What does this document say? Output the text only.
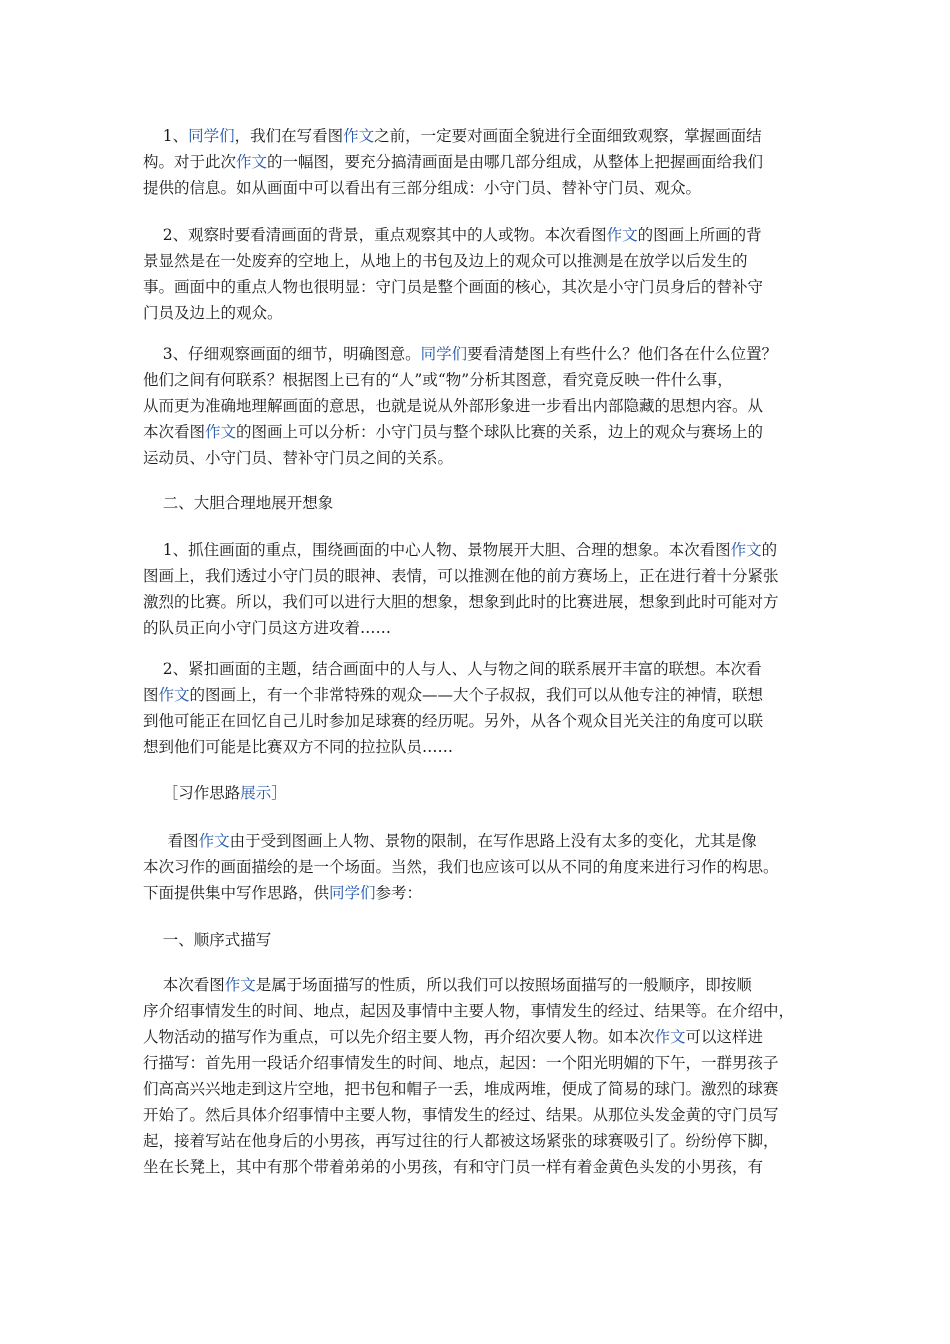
1、同学们，我们在写看图作文之前，一定要对画面全貌进行全面细致观察，掌握画面结
构。对于此次作文的一幅图，要充分搞清画面是由哪几部分组成，从整体上把握画面给我们
提供的信息。如从画面中可以看出有三部分组成：小守门员、替补守门员、观众。
2、观察时要看清画面的背景，重点观察其中的人或物。本次看图作文的图画上所画的背
景显然是在一处废弃的空地上，从地上的书包及边上的观众可以推测是在放学以后发生的
事。画面中的重点人物也很明显：守门员是整个画面的核心，其次是小守门员身后的替补守
门员及边上的观众。
3、仔细观察画面的细节，明确图意。同学们要看清楚图上有些什么？他们各在什么位置？
他们之间有何联系？根据图上已有的“人”或“物”分析其图意，看究竟反映一件什么事，
从而更为准确地理解画面的意思，也就是说从外部形象进一步看出内部隐藏的思想内容。从
本次看图作文的图画上可以分析：小守门员与整个球队比赛的关系，边上的观众与赛场上的
运动员、小守门员、替补守门员之间的关系。
二、大胆合理地展开想象
1、抓住画面的重点，围绕画面的中心人物、景物展开大胆、合理的想象。本次看图作文的
图画上，我们透过小守门员的眼神、表情，可以推测在他的前方赛场上，正在进行着十分紧张
激烈的比赛。所以，我们可以进行大胆的想象，想象到此时的比赛进展，想象到此时可能对方
的队员正向小守门员这方进攻着……
2、紧扣画面的主题，结合画面中的人与人、人与物之间的联系展开丰富的联想。本次看
图作文的图画上，有一个非常特殊的观众——大个子叔叔，我们可以从他专注的神情，联想
到他可能正在回忆自己儿时参加足球赛的经历呢。另外，从各个观众目光关注的角度可以联
想到他们可能是比赛双方不同的拉拉队员……
［习作思路展示］
看图作文由于受到图画上人物、景物的限制，在写作思路上没有太多的变化，尤其是像
本次习作的画面描绘的是一个场面。当然，我们也应该可以从不同的角度来进行习作的构思。
下面提供集中写作思路，供同学们参考：
一、顺序式描写
本次看图作文是属于场面描写的性质，所以我们可以按照场面描写的一般顺序，即按顺
序介绍事情发生的时间、地点，起因及事情中主要人物，事情发生的经过、结果等。在介绍中，
人物活动的描写作为重点，可以先介绍主要人物，再介绍次要人物。如本次作文可以这样进
行描写：首先用一段话介绍事情发生的时间、地点，起因：一个阳光明媚的下午，一群男孩子
们高高兴兴地走到这片空地，把书包和帽子一丢，堆成两堆，便成了简易的球门。激烈的球赛
开始了。然后具体介绍事情中主要人物，事情发生的经过、结果。从那位头发金黄的守门员写
起，接着写站在他身后的小男孩，再写过往的行人都被这场紧张的球赛吸引了。纷纷停下脚，
坐在长凳上，其中有那个带着弟弟的小男孩，有和守门员一样有着金黄色头发的小男孩，有
